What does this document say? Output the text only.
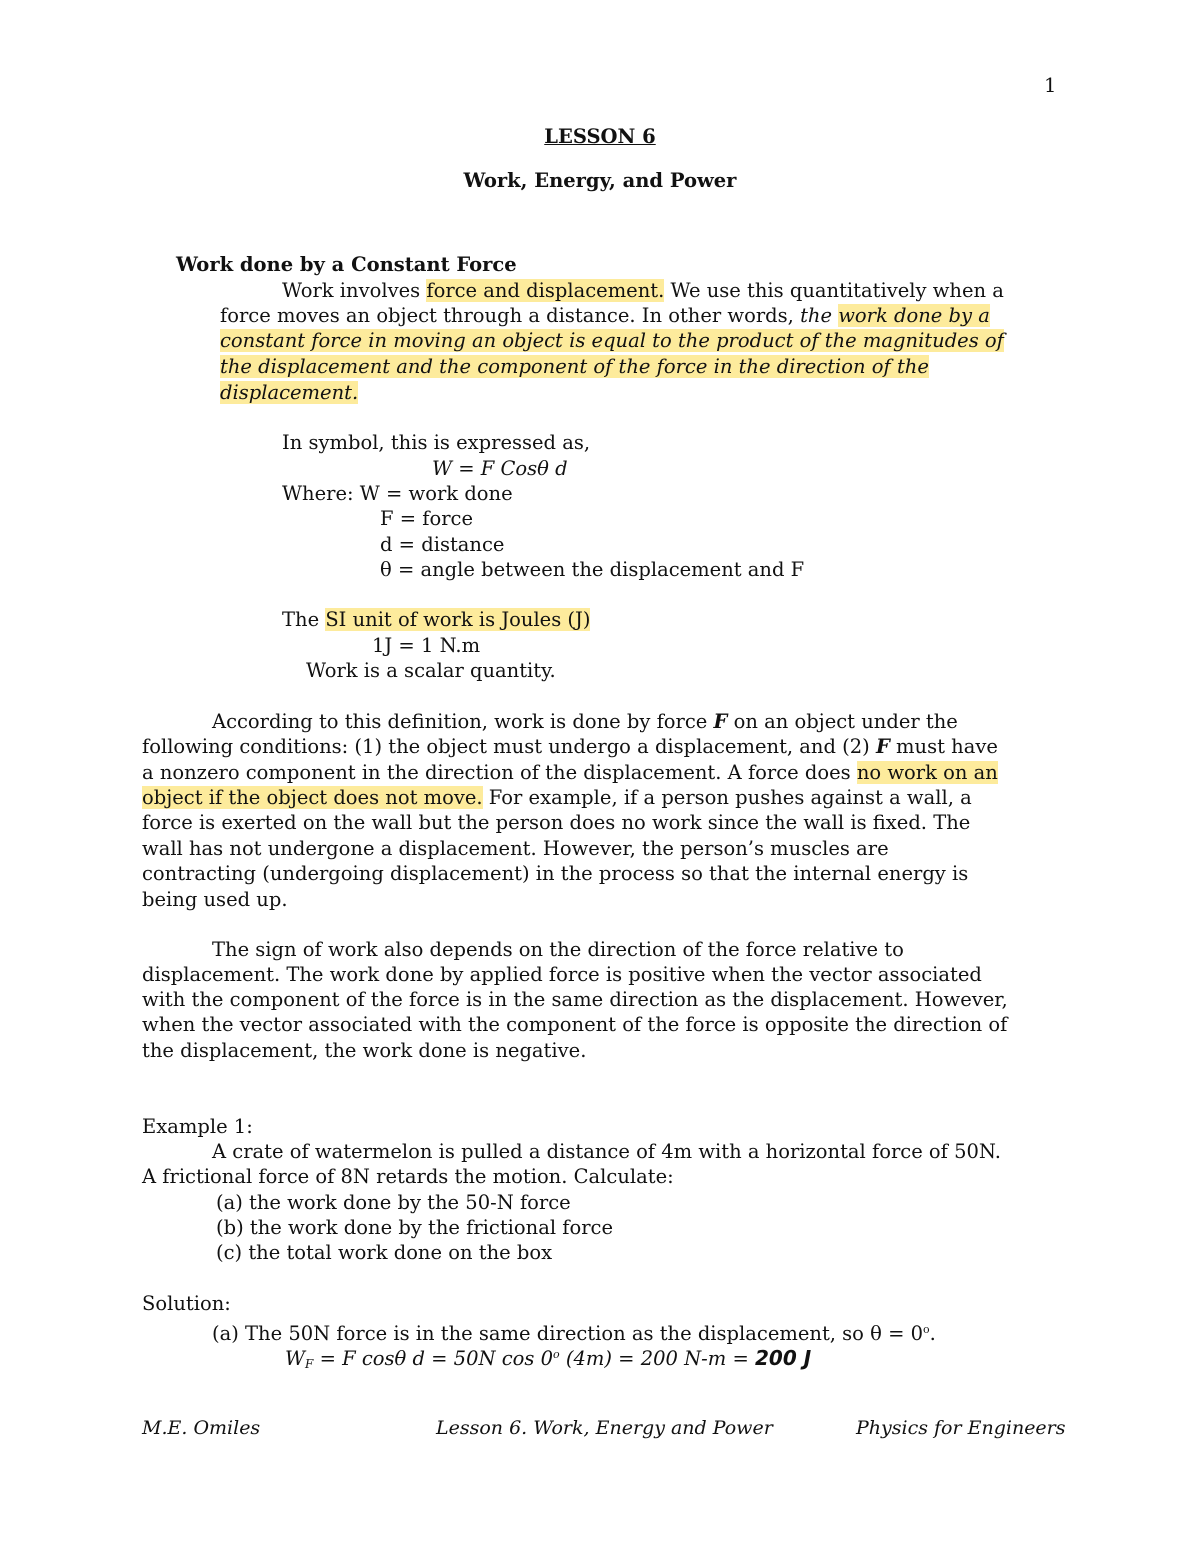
1
LESSON 6
Work, Energy, and Power
Work done by a Constant Force
Work involves force and displacement. We use this quantitatively when a
force moves an object through a distance. In other words, the work done by a
constant force in moving an object is equal to the product of the magnitudes of
the displacement and the component of the force in the direction of the
displacement.
In symbol, this is expressed as,
W = F Cosθ d
Where: W = work done
F = force
d = distance
θ = angle between the displacement and F
The SI unit of work is Joules (J)
1J = 1 N.m
Work is a scalar quantity.
According to this definition, work is done by force F on an object under the
following conditions: (1) the object must undergo a displacement, and (2) F must have
a nonzero component in the direction of the displacement. A force does no work on an
object if the object does not move. For example, if a person pushes against a wall, a
force is exerted on the wall but the person does no work since the wall is fixed. The
wall has not undergone a displacement. However, the person’s muscles are
contracting (undergoing displacement) in the process so that the internal energy is
being used up.
The sign of work also depends on the direction of the force relative to
displacement. The work done by applied force is positive when the vector associated
with the component of the force is in the same direction as the displacement. However,
when the vector associated with the component of the force is opposite the direction of
the displacement, the work done is negative.
Example 1:
A crate of watermelon is pulled a distance of 4m with a horizontal force of 50N.
A frictional force of 8N retards the motion. Calculate:
(a) the work done by the 50-N force
(b) the work done by the frictional force
(c) the total work done on the box
Solution:
(a) The 50N force is in the same direction as the displacement, so $\theta = 0^o$.
$W_F = F$ cosθ d = 50N cos 0$^o$ (4m) = 200 N-m = 200 J
M.E. Omiles	Lesson 6. Work, Energy and Power	Physics for Engineers
